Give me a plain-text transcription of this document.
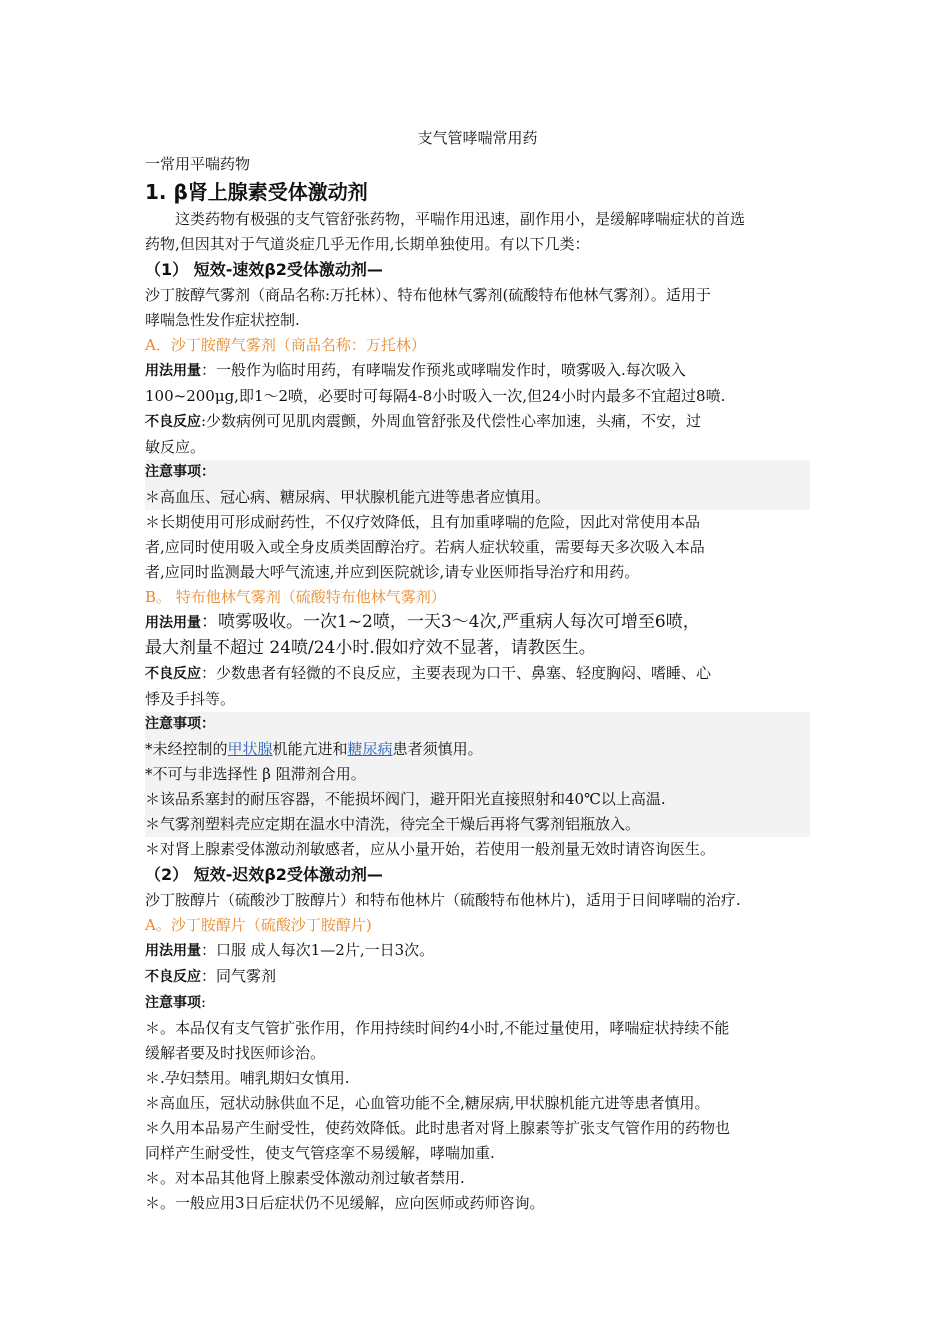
支气管哮喘常用药
一常用平喘药物
1. β肾上腺素受体激动剂
这类药物有极强的支气管舒张药物，平喘作用迅速，副作用小，是缓解哮喘症状的首选
药物,但因其对于气道炎症几乎无作用,长期单独使用。有以下几类：
（1） 短效-速效β2受体激动剂—
沙丁胺醇气雾剂（商品名称:万托林）、特布他林气雾剂(硫酸特布他林气雾剂）。适用于
哮喘急性发作症状控制.
A．沙丁胺醇气雾剂（商品名称：万托林）
用法用量：一般作为临时用药，有哮喘发作预兆或哮喘发作时，喷雾吸入.每次吸入
100~200μg,即1～2喷，必要时可每隔4-8小时吸入一次,但24小时内最多不宜超过8喷.
不良反应:少数病例可见肌肉震颤，外周血管舒张及代偿性心率加速，头痛，不安，过
敏反应。
注意事项：
＊高血压、冠心病、糖尿病、甲状腺机能亢进等患者应慎用。
＊长期使用可形成耐药性，不仅疗效降低，且有加重哮喘的危险，因此对常使用本品
者,应同时使用吸入或全身皮质类固醇治疗。若病人症状较重，需要每天多次吸入本品
者,应同时监测最大呼气流速,并应到医院就诊,请专业医师指导治疗和用药。
B。 特布他林气雾剂（硫酸特布他林气雾剂）
用法用量：喷雾吸收。一次1~2喷，一天3～4次,严重病人每次可增至6喷，
最大剂量不超过 24喷/24小时.假如疗效不显著，请教医生。
不良反应：少数患者有轻微的不良反应，主要表现为口干、鼻塞、轻度胸闷、嗜睡、心
悸及手抖等。
注意事项：
*未经控制的甲状腺机能亢进和糖尿病患者须慎用。
*不可与非选择性 β 阻滞剂合用。
＊该品系塞封的耐压容器，不能损坏阀门，避开阳光直接照射和40℃以上高温.
＊气雾剂塑料壳应定期在温水中清洗，待完全干燥后再将气雾剂铝瓶放入。
＊对肾上腺素受体激动剂敏感者，应从小量开始，若使用一般剂量无效时请咨询医生。
（2） 短效-迟效β2受体激动剂—
沙丁胺醇片（硫酸沙丁胺醇片）和特布他林片（硫酸特布他林片)，适用于日间哮喘的治疗.
A。沙丁胺醇片（硫酸沙丁胺醇片)
用法用量：口服 成人每次1—2片,一日3次。
不良反应：同气雾剂
注意事项:
＊。本品仅有支气管扩张作用，作用持续时间约4小时,不能过量使用，哮喘症状持续不能
缓解者要及时找医师诊治。
＊.孕妇禁用。哺乳期妇女慎用.
＊高血压，冠状动脉供血不足，心血管功能不全,糖尿病,甲状腺机能亢进等患者慎用。
＊久用本品易产生耐受性，使药效降低。此时患者对肾上腺素等扩张支气管作用的药物也
同样产生耐受性，使支气管痉挛不易缓解，哮喘加重.
＊。对本品其他肾上腺素受体激动剂过敏者禁用.
＊。一般应用3日后症状仍不见缓解，应向医师或药师咨询。
